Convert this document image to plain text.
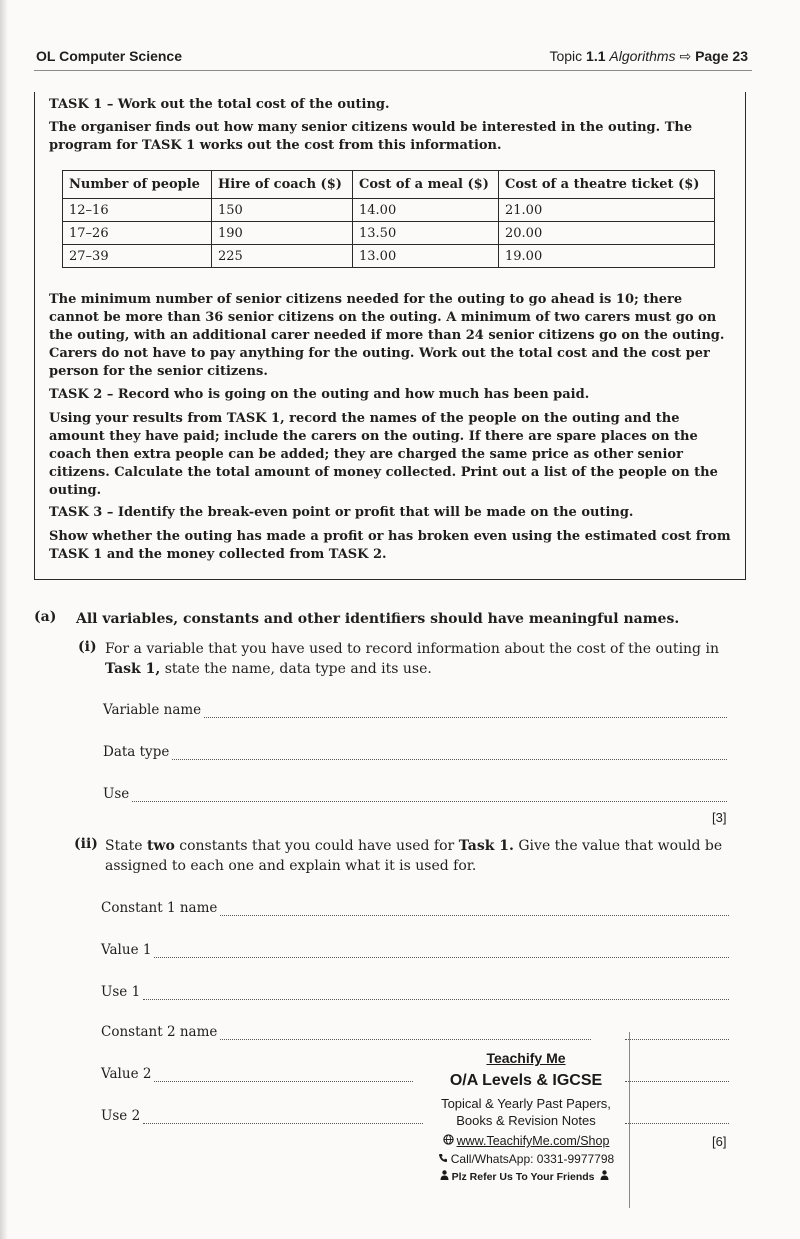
OL Computer Science	Topic 1.1 Algorithms ⇨ Page 23
TASK 1 – Work out the total cost of the outing.
The organiser finds out how many senior citizens would be interested in the outing. The program for TASK 1 works out the cost from this information.
The minimum number of senior citizens needed for the outing to go ahead is 10; there cannot be more than 36 senior citizens on the outing. A minimum of two carers must go on the outing, with an additional carer needed if more than 24 senior citizens go on the outing. Carers do not have to pay anything for the outing. Work out the total cost and the cost per person for the senior citizens.
TASK 2 – Record who is going on the outing and how much has been paid.
Using your results from TASK 1, record the names of the people on the outing and the amount they have paid; include the carers on the outing. If there are spare places on the coach then extra people can be added; they are charged the same price as other senior citizens. Calculate the total amount of money collected. Print out a list of the people on the outing.
TASK 3 – Identify the break-even point or profit that will be made on the outing.
Show whether the outing has made a profit or has broken even using the estimated cost from TASK 1 and the money collected from TASK 2.
Number of people	Hire of coach ($)	Cost of a meal ($)	Cost of a theatre ticket ($)
12–16	150	14.00	21.00
17–26	190	13.50	20.00
27–39	225	13.00	19.00
(a) All variables, constants and other identifiers should have meaningful names.
(i) For a variable that you have used to record information about the cost of the outing in Task 1, state the name, data type and its use.
Variable name
Data type
Use
[3]
(ii) State two constants that you could have used for Task 1. Give the value that would be assigned to each one and explain what it is used for.
Constant 1 name
Value 1
Use 1
Constant 2 name
Value 2
Use 2
[6]
Teachify Me
O/A Levels & IGCSE
Topical & Yearly Past Papers,
Books & Revision Notes
www.TeachifyMe.com/Shop
Call/WhatsApp: 0331-9977798
Plz Refer Us To Your Friends
